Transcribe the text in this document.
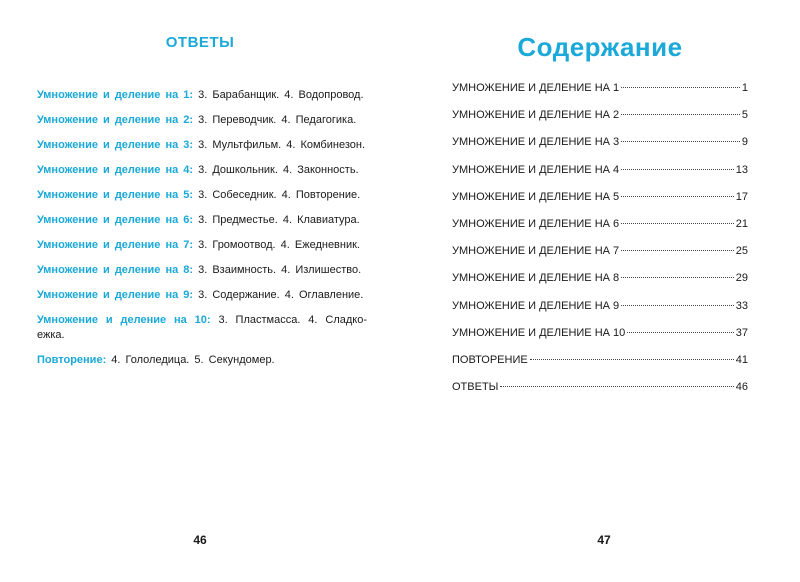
ОТВЕТЫ
Умножение и деление на 1: 3. Барабанщик. 4. Водопровод.
Умножение и деление на 2: 3. Переводчик. 4. Педагогика.
Умножение и деление на 3: 3. Мультфильм. 4. Комбинезон.
Умножение и деление на 4: 3. Дошкольник. 4. Законность.
Умножение и деление на 5: 3. Собеседник. 4. Повторение.
Умножение и деление на 6: 3. Предместье. 4. Клавиатура.
Умножение и деление на 7: 3. Громоотвод. 4. Ежедневник.
Умножение и деление на 8: 3. Взаимность. 4. Излишество.
Умножение и деление на 9: 3. Содержание. 4. Оглавление.
Умножение и деление на 10: 3. Пластмасса. 4. Сладко-ежка.
Повторение: 4. Гололедица. 5. Секундомер.
46
Содержание
УМНОЖЕНИЕ И ДЕЛЕНИЕ НА 1	1
УМНОЖЕНИЕ И ДЕЛЕНИЕ НА 2	5
УМНОЖЕНИЕ И ДЕЛЕНИЕ НА 3	9
УМНОЖЕНИЕ И ДЕЛЕНИЕ НА 4	13
УМНОЖЕНИЕ И ДЕЛЕНИЕ НА 5	17
УМНОЖЕНИЕ И ДЕЛЕНИЕ НА 6	21
УМНОЖЕНИЕ И ДЕЛЕНИЕ НА 7	25
УМНОЖЕНИЕ И ДЕЛЕНИЕ НА 8	29
УМНОЖЕНИЕ И ДЕЛЕНИЕ НА 9	33
УМНОЖЕНИЕ И ДЕЛЕНИЕ НА 10	37
ПОВТОРЕНИЕ	41
ОТВЕТЫ	46
47
